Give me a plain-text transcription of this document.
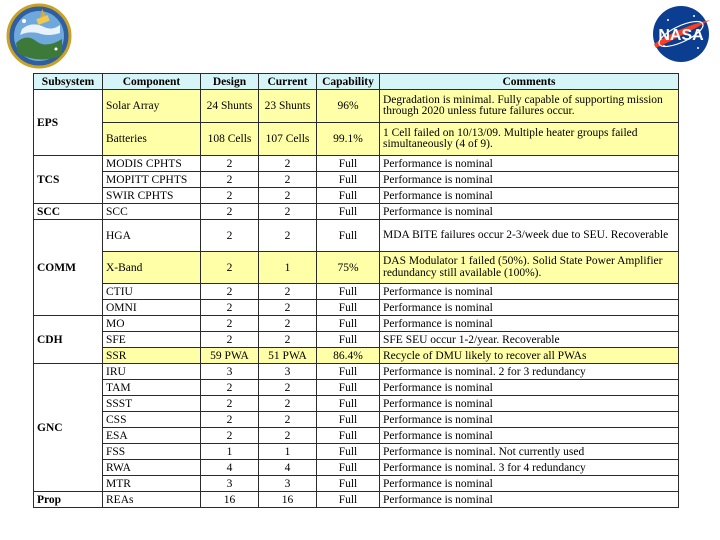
NASA
Subsystem	Component	Design	Current	Capability	Comments
EPS	Solar Array	24 Shunts	23 Shunts	96%	Degradation is minimal. Fully capable of supporting mission through 2020 unless future failures occur.
	Batteries	108 Cells	107 Cells	99.1%	1 Cell failed on 10/13/09. Multiple heater groups failed simultaneously (4 of 9).
TCS	MODIS CPHTS	2	2	Full	Performance is nominal
	MOPITT CPHTS	2	2	Full	Performance is nominal
	SWIR CPHTS	2	2	Full	Performance is nominal
SCC	SCC	2	2	Full	Performance is nominal
COMM	HGA	2	2	Full	MDA BITE failures occur 2-3/week due to SEU. Recoverable
	X-Band	2	1	75%	DAS Modulator 1 failed (50%). Solid State Power Amplifier redundancy still available (100%).
	CTIU	2	2	Full	Performance is nominal
	OMNI	2	2	Full	Performance is nominal
CDH	MO	2	2	Full	Performance is nominal
	SFE	2	2	Full	SFE SEU occur 1-2/year. Recoverable
	SSR	59 PWA	51 PWA	86.4%	Recycle of DMU likely to recover all PWAs
GNC	IRU	3	3	Full	Performance is nominal. 2 for 3 redundancy
	TAM	2	2	Full	Performance is nominal
	SSST	2	2	Full	Performance is nominal
	CSS	2	2	Full	Performance is nominal
	ESA	2	2	Full	Performance is nominal
	FSS	1	1	Full	Performance is nominal. Not currently used
	RWA	4	4	Full	Performance is nominal. 3 for 4 redundancy
	MTR	3	3	Full	Performance is nominal
Prop	REAs	16	16	Full	Performance is nominal
